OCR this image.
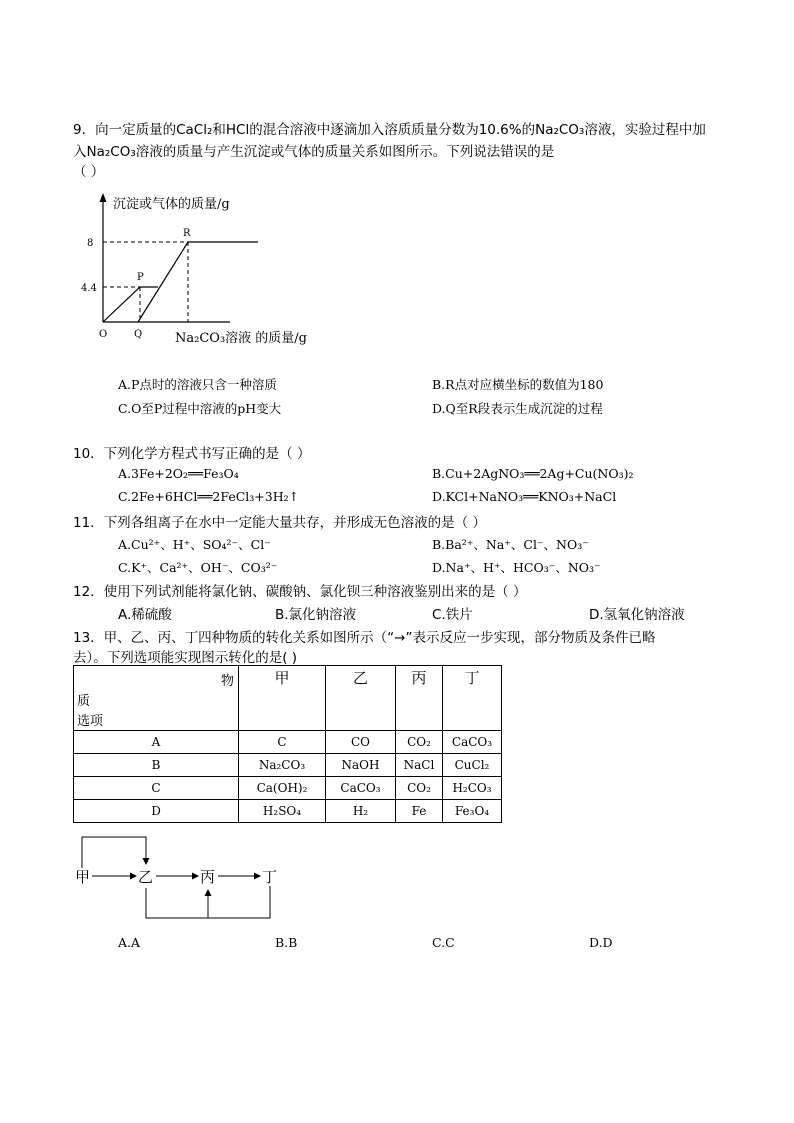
9．向一定质量的CaCl₂和HCl的混合溶液中逐滴加入溶质质量分数为10.6%的Na₂CO₃溶液，实验过程中加
入Na₂CO₃溶液的质量与产生沉淀或气体的质量关系如图所示。下列说法错误的是
（ ）
沉淀或气体的质量/g
8
4.4
P
R
O	Q	Na₂CO₃溶液 的质量/g
A.P点时的溶液只含一种溶质	B.R点对应横坐标的数值为180
C.O至P过程中溶液的pH变大	D.Q至R段表示生成沉淀的过程
10．下列化学方程式书写正确的是（ ）
A.3Fe+2O₂══Fe₃O₄	B.Cu+2AgNO₃══2Ag+Cu(NO₃)₂
C.2Fe+6HCl══2FeCl₃+3H₂↑	D.KCl+NaNO₃══KNO₃+NaCl
11．下列各组离子在水中一定能大量共存，并形成无色溶液的是（ ）
A.Cu²⁺、H⁺、SO₄²⁻、Cl⁻	B.Ba²⁺、Na⁺、Cl⁻、NO₃⁻
C.K⁺、Ca²⁺、OH⁻、CO₃²⁻	D.Na⁺、H⁺、HCO₃⁻、NO₃⁻
12．使用下列试剂能将氯化钠、碳酸钠、氯化钡三种溶液鉴别出来的是（ ）
A.稀硫酸	B.氯化钠溶液	C.铁片	D.氢氧化钠溶液
13．甲、乙、丙、丁四种物质的转化关系如图所示（“→”表示反应一步实现，部分物质及条件已略
去）。下列选项能实现图示转化的是( )
物
质
选项	甲	乙	丙	丁
A	C	CO	CO₂	CaCO₃
B	Na₂CO₃	NaOH	NaCl	CuCl₂
C	Ca(OH)₂	CaCO₃	CO₂	H₂CO₃
D	H₂SO₄	H₂	Fe	Fe₃O₄
甲	乙	丙	丁
A.A	B.B	C.C	D.D
